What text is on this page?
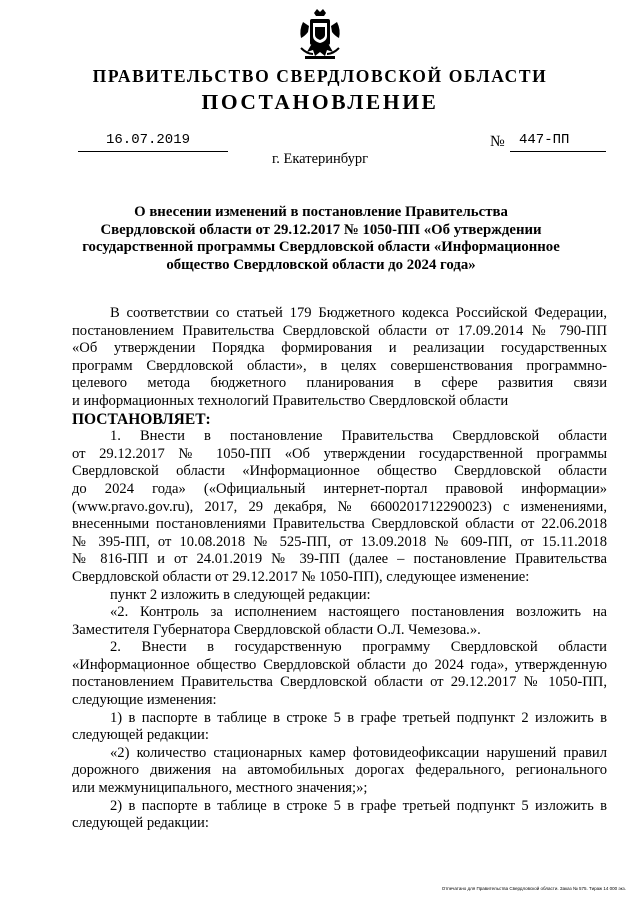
ПРАВИТЕЛЬСТВО СВЕРДЛОВСКОЙ ОБЛАСТИ
ПОСТАНОВЛЕНИЕ
16.07.2019	№ 447-ПП
г. Екатеринбург
О внесении изменений в постановление Правительства
Свердловской области от 29.12.2017 № 1050-ПП «Об утверждении
государственной программы Свердловской области «Информационное
общество Свердловской области до 2024 года»

В соответствии со статьей 179 Бюджетного кодекса Российской Федерации,

постановлением Правительства Свердловской области от 17.09.2014 № 790-ПП

«Об утверждении Порядка формирования и реализации государственных

программ Свердловской области», в целях совершенствования программно-

целевого метода бюджетного планирования в сфере развития связи

и информационных технологий Правительство Свердловской области

ПОСТАНОВЛЯЕТ:

1. Внести в постановление Правительства Свердловской области

от 29.12.2017 № 1050-ПП «Об утверждении государственной программы

Свердловской области «Информационное общество Свердловской области

до 2024 года» («Официальный интернет-портал правовой информации»

(www.pravo.gov.ru), 2017, 29 декабря, № 6600201712290023) с изменениями,

внесенными постановлениями Правительства Свердловской области от 22.06.2018

№ 395-ПП, от 10.08.2018 № 525-ПП, от 13.09.2018 № 609-ПП, от 15.11.2018

№ 816-ПП и от 24.01.2019 № 39-ПП (далее – постановление Правительства

Свердловской области от 29.12.2017 № 1050-ПП), следующее изменение:

пункт 2 изложить в следующей редакции:

«2. Контроль за исполнением настоящего постановления возложить на

Заместителя Губернатора Свердловской области О.Л. Чемезова.».

2. Внести в государственную программу Свердловской области

«Информационное общество Свердловской области до 2024 года», утвержденную

постановлением Правительства Свердловской области от 29.12.2017 № 1050-ПП,

следующие изменения:

1) в паспорте в таблице в строке 5 в графе третьей подпункт 2 изложить в

следующей редакции:

«2) количество стационарных камер фотовидеофиксации нарушений правил

дорожного движения на автомобильных дорогах федерального, регионального

или межмуниципального, местного значения;»;

2) в паспорте в таблице в строке 5 в графе третьей подпункт 5 изложить в

следующей редакции:

Отпечатано для Правительства Свердловской области. Заказ № 575. Тираж 14 000 экз.
